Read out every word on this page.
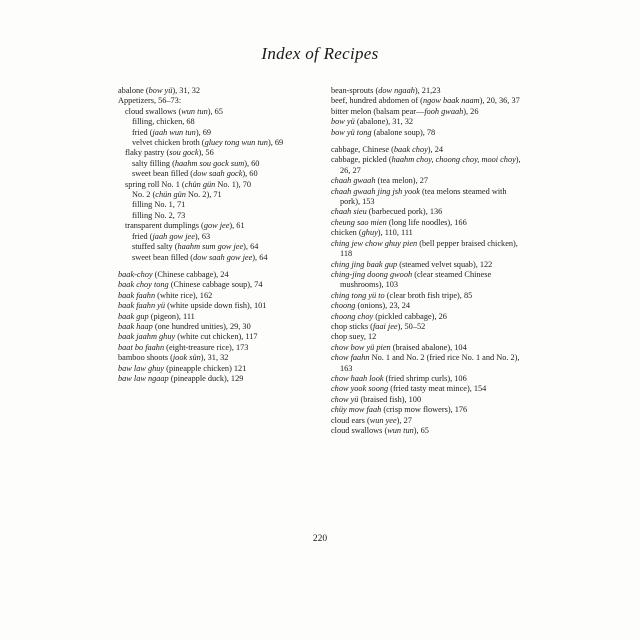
Index of Recipes
abalone (bow yü), 31, 32
Appetizers, 56–73:
cloud swallows (wun tun), 65
filling, chicken, 68
fried (jaah wun tun), 69
velvet chicken broth (gluey tong wun tun), 69
flaky pastry (sou gock), 56
salty filling (haahm sou gock sum), 60
sweet bean filled (dow saah gock), 60
spring roll No. 1 (chün gün No. 1), 70
No. 2 (chün gün No. 2), 71
filling No. 1, 71
filling No. 2, 73
transparent dumplings (gow jee), 61
fried (jaah gow jee), 63
stuffed salty (haahm sum gow jee), 64
sweet bean filled (dow saah gow jee), 64
baak-choy (Chinese cabbage), 24
baak choy tong (Chinese cabbage soup), 74
baak faahn (white rice), 162
baak faahn yü (white upside down fish), 101
baak gup (pigeon), 111
baak haap (one hundred unities), 29, 30
baak jaahm ghuy (white cut chicken), 117
baat bo faahn (eight-treasure rice), 173
bamboo shoots (jook sün), 31, 32
baw law ghuy (pineapple chicken) 121
baw law ngaap (pineapple duck), 129
bean-sprouts (dow ngaah), 21,23
beef, hundred abdomen of (ngow baak naam), 20, 36, 37
bitter melon (balsam pear—fooh gwaah), 26
bow yü (abalone), 31, 32
bow yü tong (abalone soup), 78
cabbage, Chinese (baak choy), 24
cabbage, pickled (haahm choy, choong choy, mooi choy), 26, 27
chaah gwaah (tea melon), 27
chaah gwaah jing jsh yook (tea melons steamed with pork), 153
chaah sieu (barbecued pork), 136
cheung sao mien (long life noodles), 166
chicken (ghuy), 110, 111
ching jew chow ghuy pien (bell pepper braised chicken), 118
ching jing baak gup (steamed velvet squab), 122
ching-jing doong gwooh (clear steamed Chinese mushrooms), 103
ching tong yü to (clear broth fish tripe), 85
choong (onions), 23, 24
choong choy (pickled cabbage), 26
chop sticks (faai jee), 50–52
chop suey, 12
chow bow yü pien (braised abalone), 104
chow faahn No. 1 and No. 2 (fried rice No. 1 and No. 2), 163
chow haah look (fried shrimp curls), 106
chow yook soong (fried tasty meat mince), 154
chow yü (braised fish), 100
chüy mow faah (crisp mow flowers), 176
cloud ears (wun yee), 27
cloud swallows (wun tun), 65
220
